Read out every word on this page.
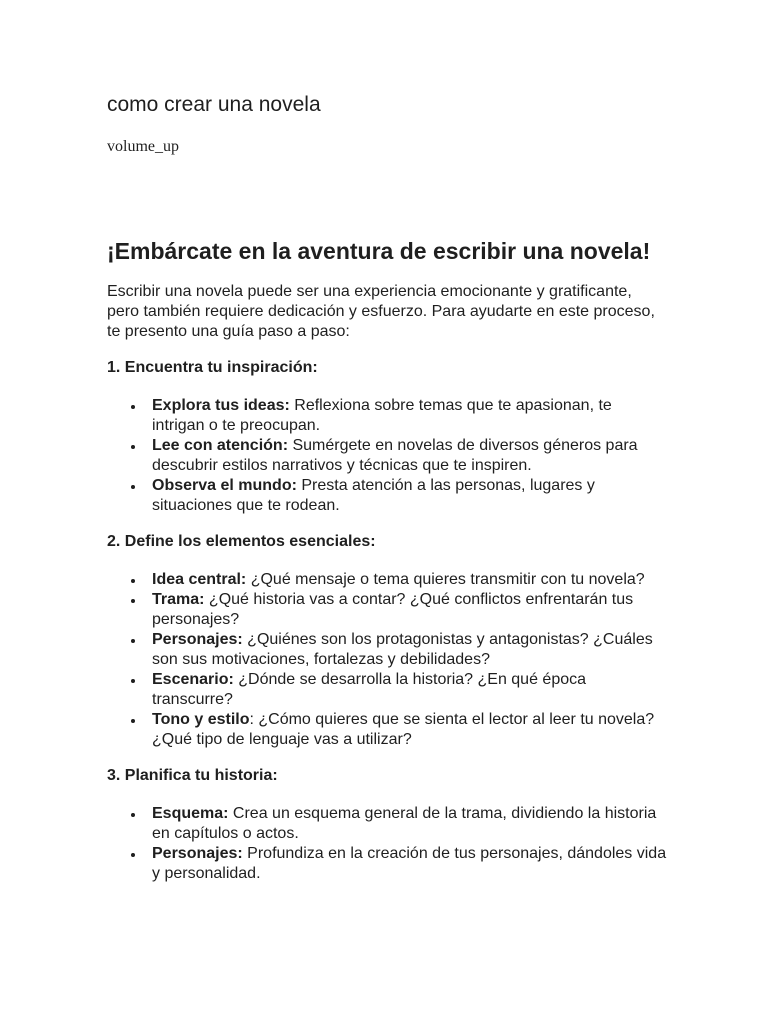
como crear una novela
volume_up
¡Embárcate en la aventura de escribir una novela!

Escribir una novela puede ser una experiencia emocionante y gratificante, pero también requiere dedicación y esfuerzo. Para ayudarte en este proceso, te presento una guía paso a paso:

1. Encuentra tu inspiración:

Explora tus ideas: Reflexiona sobre temas que te apasionan, te intrigan o te preocupan.
Lee con atención: Sumérgete en novelas de diversos géneros para descubrir estilos narrativos y técnicas que te inspiren.
Observa el mundo: Presta atención a las personas, lugares y situaciones que te rodean.

2. Define los elementos esenciales:

Idea central: ¿Qué mensaje o tema quieres transmitir con tu novela?
Trama: ¿Qué historia vas a contar? ¿Qué conflictos enfrentarán tus personajes?
Personajes: ¿Quiénes son los protagonistas y antagonistas? ¿Cuáles son sus motivaciones, fortalezas y debilidades?
Escenario: ¿Dónde se desarrolla la historia? ¿En qué época transcurre?
Tono y estilo: ¿Cómo quieres que se sienta el lector al leer tu novela? ¿Qué tipo de lenguaje vas a utilizar?

3. Planifica tu historia:

Esquema: Crea un esquema general de la trama, dividiendo la historia en capítulos o actos.
Personajes: Profundiza en la creación de tus personajes, dándoles vida y personalidad.
